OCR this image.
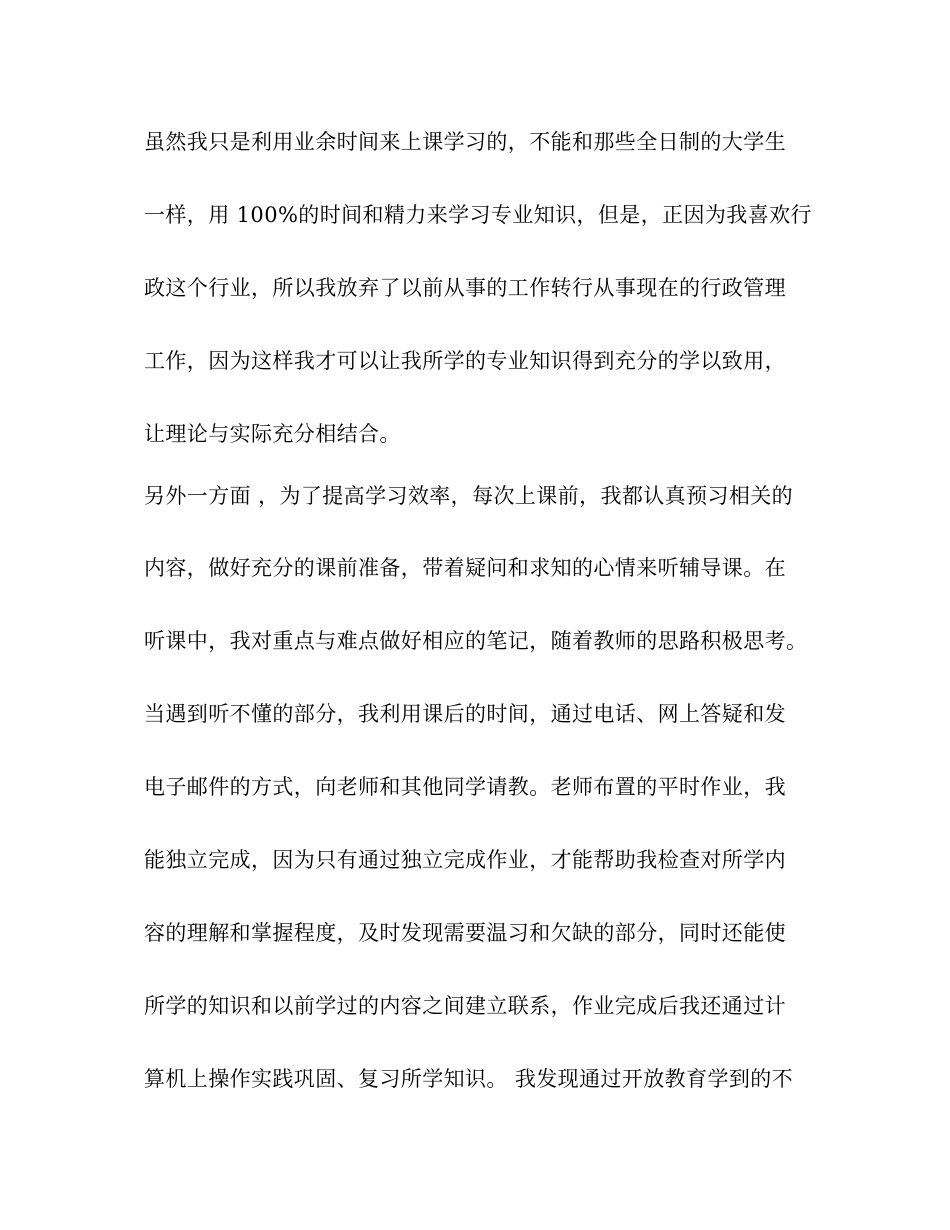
虽然我只是利用业余时间来上课学习的，不能和那些全日制的大学生
一样，用 100%的时间和精力来学习专业知识，但是，正因为我喜欢行
政这个行业，所以我放弃了以前从事的工作转行从事现在的行政管理
工作，因为这样我才可以让我所学的专业知识得到充分的学以致用，
让理论与实际充分相结合。
另外一方面 ，为了提高学习效率，每次上课前，我都认真预习相关的
内容，做好充分的课前准备，带着疑问和求知的心情来听辅导课。在
听课中，我对重点与难点做好相应的笔记，随着教师的思路积极思考。
当遇到听不懂的部分，我利用课后的时间，通过电话、网上答疑和发
电子邮件的方式，向老师和其他同学请教。老师布置的平时作业，我
能独立完成，因为只有通过独立完成作业，才能帮助我检查对所学内
容的理解和掌握程度，及时发现需要温习和欠缺的部分，同时还能使
所学的知识和以前学过的内容之间建立联系，作业完成后我还通过计
算机上操作实践巩固、复习所学知识。 我发现通过开放教育学到的不
